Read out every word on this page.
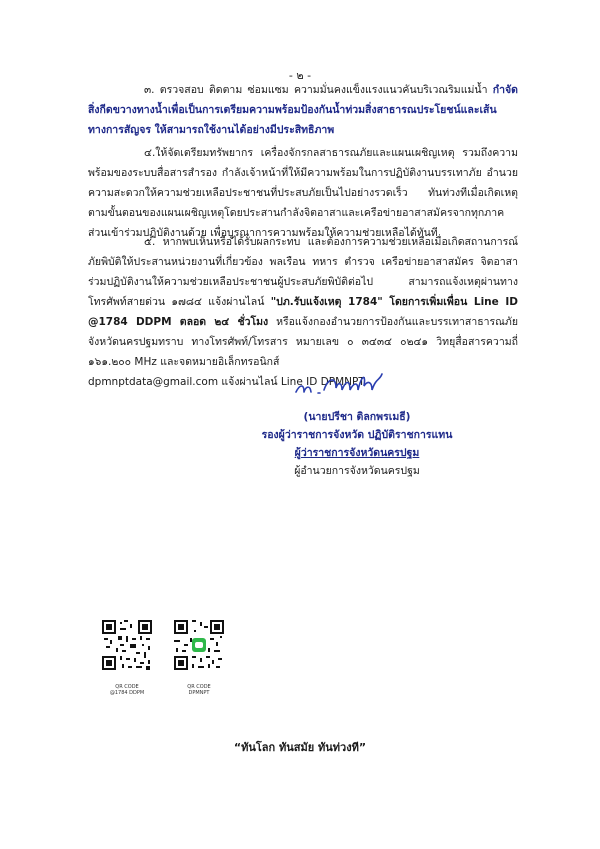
- ๒ -

๓. ตรวจสอบ ติดตาม ซ่อมแซม ความมั่นคงแข็งแรงแนวคันบริเวณริมแม่น้ำ กำจัดสิ่งกีดขวางทางน้ำเพื่อเป็นการเตรียมความพร้อมป้องกันน้ำท่วมสิ่งสาธารณประโยชน์และเส้นทางการสัญจร ให้สามารถใช้งานได้อย่างมีประสิทธิภาพ

๔.ให้จัดเตรียมทรัพยากร เครื่องจักรกลสาธารณภัยและแผนเผชิญเหตุ รวมถึงความพร้อมของระบบสื่อสารสำรอง กำลังเจ้าหน้าที่ให้มีความพร้อมในการปฏิบัติงานบรรเทาภัย อำนวยความสะดวกให้ความช่วยเหลือประชาชนที่ประสบภัยเป็นไปอย่างรวดเร็ว ทันท่วงทีเมื่อเกิดเหตุ ตามขั้นตอนของแผนเผชิญเหตุโดยประสานกำลังจิตอาสาและเครือข่ายอาสาสมัครจากทุกภาคส่วนเข้าร่วมปฏิบัติงานด้วย เพื่อบูรณาการความพร้อมให้ความช่วยเหลือได้ทันที

๕. หากพบเห็นหรือได้รับผลกระทบ และต้องการความช่วยเหลือเมื่อเกิดสถานการณ์ภัยพิบัติให้ประสานหน่วยงานที่เกี่ยวข้อง พลเรือน ทหาร ตำรวจ เครือข่ายอาสาสมัคร จิตอาสา ร่วมปฏิบัติงานให้ความช่วยเหลือประชาชนผู้ประสบภัยพิบัติต่อไป สามารถแจ้งเหตุผ่านทางโทรศัพท์สายด่วน ๑๗๘๔ แจ้งผ่านไลน์ "ปภ.รับแจ้งเหตุ 1784" โดยการเพิ่มเพื่อน Line ID @1784 DDPM ตลอด ๒๔ ชั่วโมง หรือแจ้งกองอำนวยการป้องกันและบรรเทาสาธารณภัยจังหวัดนครปฐมทราบ ทางโทรศัพท์/โทรสาร หมายเลข ๐ ๓๔๓๔ ๐๒๔๑ วิทยุสื่อสารความถี่ ๑๖๑.๒๐๐ MHz และจดหมายอิเล็กทรอนิกส์

dpmnptdata@gmail.com แจ้งผ่านไลน์ Line ID DPMNPT

(นายปรีชา ติลกพรเมธี)
รองผู้ว่าราชการจังหวัด ปฏิบัติราชการแทน
ผู้ว่าราชการจังหวัดนครปฐม
ผู้อำนวยการจังหวัดนครปฐม
QR CODE
@1784 DDPM
QR CODE
DPMNPT
“ทันโลก ทันสมัย ทันท่วงที”
